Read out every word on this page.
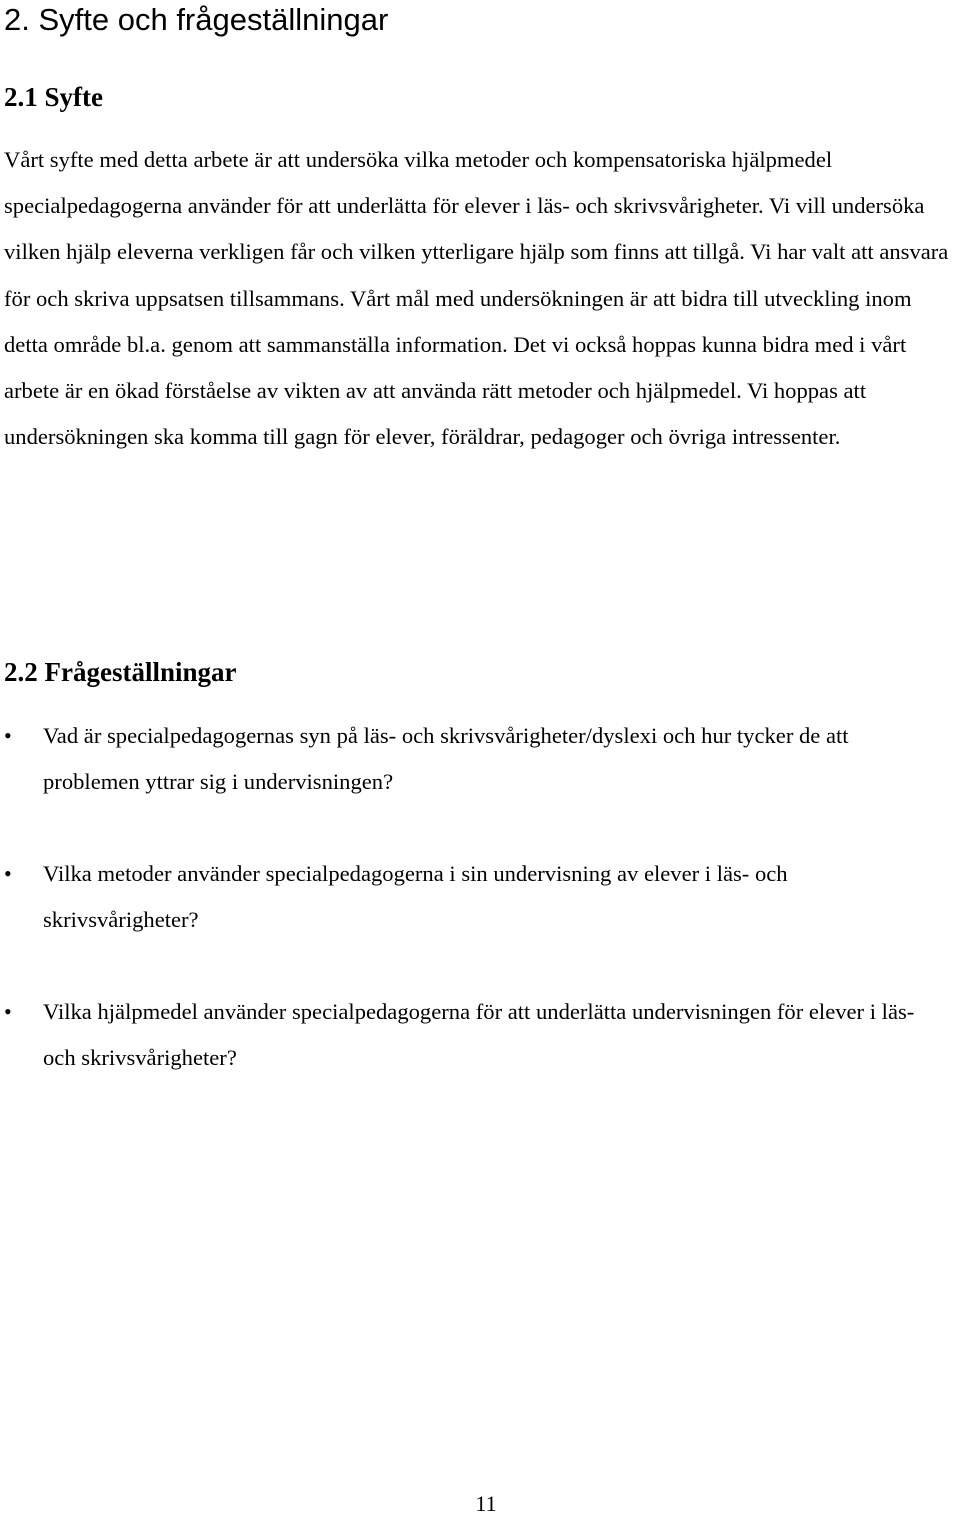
2. Syfte och frågeställningar
2.1 Syfte

Vårt syfte med detta arbete är att undersöka vilka metoder och kompensatoriska hjälpmedel specialpedagogerna använder för att underlätta för elever i läs- och skrivsvårigheter. Vi vill undersöka vilken hjälp eleverna verkligen får och vilken ytterligare hjälp som finns att tillgå. Vi har valt att ansvara för och skriva uppsatsen tillsammans. Vårt mål med undersökningen är att bidra till utveckling inom detta område bl.a. genom att sammanställa information. Det vi också hoppas kunna bidra med i vårt arbete är en ökad förståelse av vikten av att använda rätt metoder och hjälpmedel. Vi hoppas att undersökningen ska komma till gagn för elever, föräldrar, pedagoger och övriga intressenter.

2.2 Frågeställningar
•	Vad är specialpedagogernas syn på läs- och skrivsvårigheter/dyslexi och hur tycker de att problemen yttrar sig i undervisningen?
•	Vilka metoder använder specialpedagogerna i sin undervisning av elever i läs- och skrivsvårigheter?
•	Vilka hjälpmedel använder specialpedagogerna för att underlätta undervisningen för elever i läs- och skrivsvårigheter?
11
